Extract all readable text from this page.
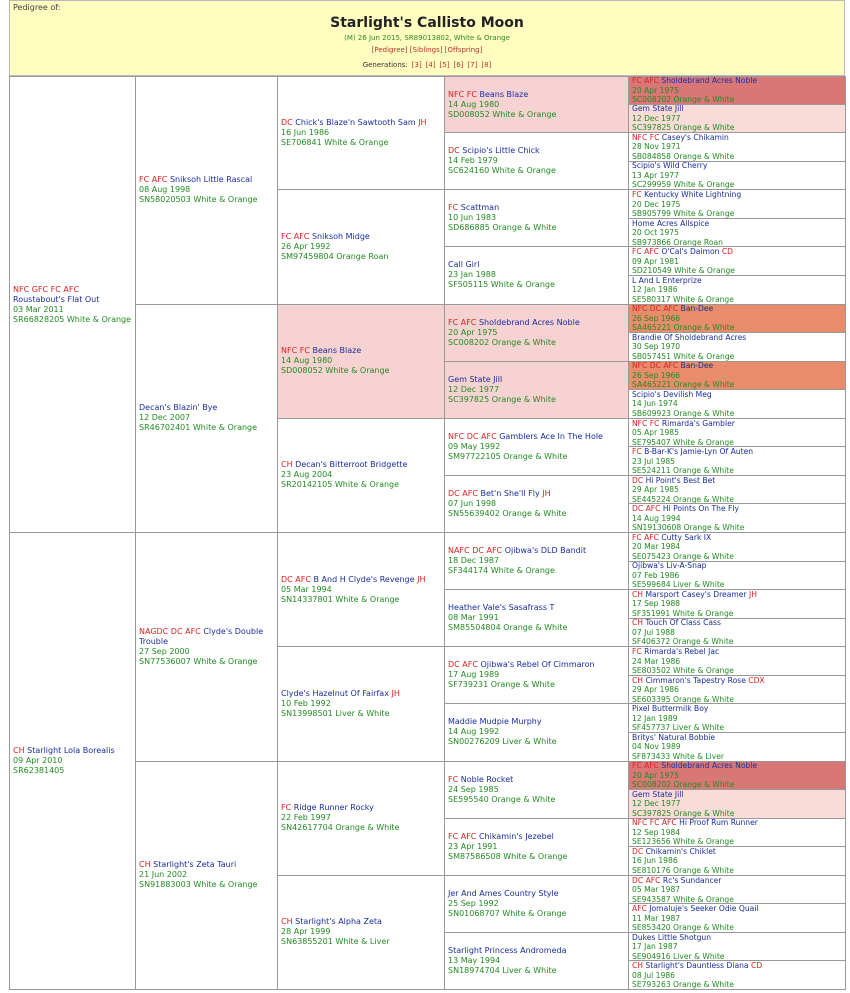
Pedigree of:
Starlight's Callisto Moon
(M) 26 Jun 2015, SR89013802, White & Orange
[Pedigree] [Siblings] [Offspring]
Generations: [3] [4] [5] [6] [7] [8]
NFC GFC FC AFC Roustabout's Flat Out
03 Mar 2011
SR66828205 White & Orange
CH Starlight Lola Borealis
09 Apr 2010
SR62381405
FC AFC Sniksoh Little Rascal
08 Aug 1998
SN58020503 White & Orange
Decan's Blazin' Bye
12 Dec 2007
SR46702401 White & Orange
NAGDC DC AFC Clyde's Double Trouble
27 Sep 2000
SN77536007 White & Orange
CH Starlight's Zeta Tauri
21 Jun 2002
SN91883003 White & Orange
DC Chick's Blaze'n Sawtooth Sam JH
16 Jun 1986
SE706841 White & Orange
FC AFC Sniksoh Midge
26 Apr 1992
SM97459804 Orange Roan
NFC FC Beans Blaze
14 Aug 1980
SD008052 White & Orange
CH Decan's Bitterroot Bridgette
23 Aug 2004
SR20142105 White & Orange
DC AFC B And H Clyde's Revenge JH
05 Mar 1994
SN14337801 White & Orange
Clyde's Hazelnut Of Fairfax JH
10 Feb 1992
SN13998501 Liver & White
FC Ridge Runner Rocky
22 Feb 1997
SN42617704 Orange & White
CH Starlight's Alpha Zeta
28 Apr 1999
SN63855201 White & Liver
NFC FC Beans Blaze
14 Aug 1980
SD008052 White & Orange
DC Scipio's Little Chick
14 Feb 1979
SC624160 White & Orange
FC Scattman
10 Jun 1983
SD686885 Orange & White
Call Girl
23 Jan 1988
SF505115 White & Orange
FC AFC Sholdebrand Acres Noble
20 Apr 1975
SC008202 Orange & White
Gem State Jill
12 Dec 1977
SC397825 Orange & White
NFC DC AFC Gamblers Ace In The Hole
09 May 1992
SM97722105 Orange & White
DC AFC Bet'n She'll Fly JH
07 Jun 1998
SN55639402 Orange & White
NAFC DC AFC Ojibwa's DLD Bandit
18 Dec 1987
SF344174 White & Orange
Heather Vale's Sasafrass T
08 Mar 1991
SM85504804 Orange & White
DC AFC Ojibwa's Rebel Of Cimmaron
17 Aug 1989
SF739231 Orange & White
Maddie Mudpie Murphy
14 Aug 1992
SN00276209 Liver & White
FC Noble Rocket
24 Sep 1985
SE595540 Orange & White
FC AFC Chikamin's Jezebel
23 Apr 1991
SM87586508 White & Orange
Jer And Ames Country Style
25 Sep 1992
SN01068707 White & Orange
Starlight Princess Andromeda
13 May 1994
SN18974704 Liver & White
FC AFC Sholdebrand Acres Noble
20 Apr 1975
SC008202 Orange & White
Gem State Jill
12 Dec 1977
SC397825 Orange & White
NFC FC Casey's Chikamin
28 Nov 1971
SB084858 Orange & White
Scipio's Wild Cherry
13 Apr 1977
SC299959 White & Orange
FC Kentucky White Lightning
20 Dec 1975
SB905799 White & Orange
Home Acres Allspice
20 Oct 1975
SB973866 Orange Roan
FC AFC O'Cal's Daimon CD
09 Apr 1981
SD210549 White & Orange
L And L Enterprize
12 Jan 1986
SE580317 White & Orange
NFC DC AFC Ban-Dee
26 Sep 1966
SA465221 Orange & White
Brandie Of Sholdebrand Acres
30 Sep 1970
SB057451 White & Orange
NFC DC AFC Ban-Dee
26 Sep 1966
SA465221 Orange & White
Scipio's Devilish Meg
14 Jun 1974
SB609923 Orange & White
NFC FC Rimarda's Gambler
05 Apr 1985
SE795407 White & Orange
FC B-Bar-K's Jamie-Lyn Of Auten
23 Jul 1985
SE524211 Orange & White
DC Hi Point's Best Bet
29 Apr 1985
SE445224 Orange & White
DC AFC Hi Points On The Fly
14 Aug 1994
SN19130608 Orange & White
FC AFC Cutty Sark IX
20 Mar 1984
SE075423 Orange & White
Ojibwa's Liv-A-Snap
07 Feb 1986
SE599684 Liver & White
CH Marsport Casey's Dreamer JH
17 Sep 1988
SF351991 White & Orange
CH Touch Of Class Cass
07 Jul 1988
SF406372 Orange & White
FC Rimarda's Rebel Jac
24 Mar 1986
SE803502 White & Orange
CH Cimmaron's Tapestry Rose CDX
29 Apr 1986
SE603395 Orange & White
Pixel Buttermilk Boy
12 Jan 1989
SF457737 Liver & White
Britys' Natural Bobbie
04 Nov 1989
SF873433 White & Liver
FC AFC Sholdebrand Acres Noble
20 Apr 1975
SC008202 Orange & White
Gem State Jill
12 Dec 1977
SC397825 Orange & White
NFC FC AFC Hi Proof Rum Runner
12 Sep 1984
SE123656 White & Orange
DC Chikamin's Chiklet
16 Jun 1986
SE810176 Orange & White
DC AFC Rc's Sundancer
05 Mar 1987
SE943587 White & Orange
AFC Jomaluje's Seeker Odie Quail
11 Mar 1987
SE853420 Orange & White
Dukes Little Shotgun
17 Jan 1987
SE904916 Liver & White
CH Starlight's Dauntless Diana CD
08 Jul 1986
SE793263 Orange & White
